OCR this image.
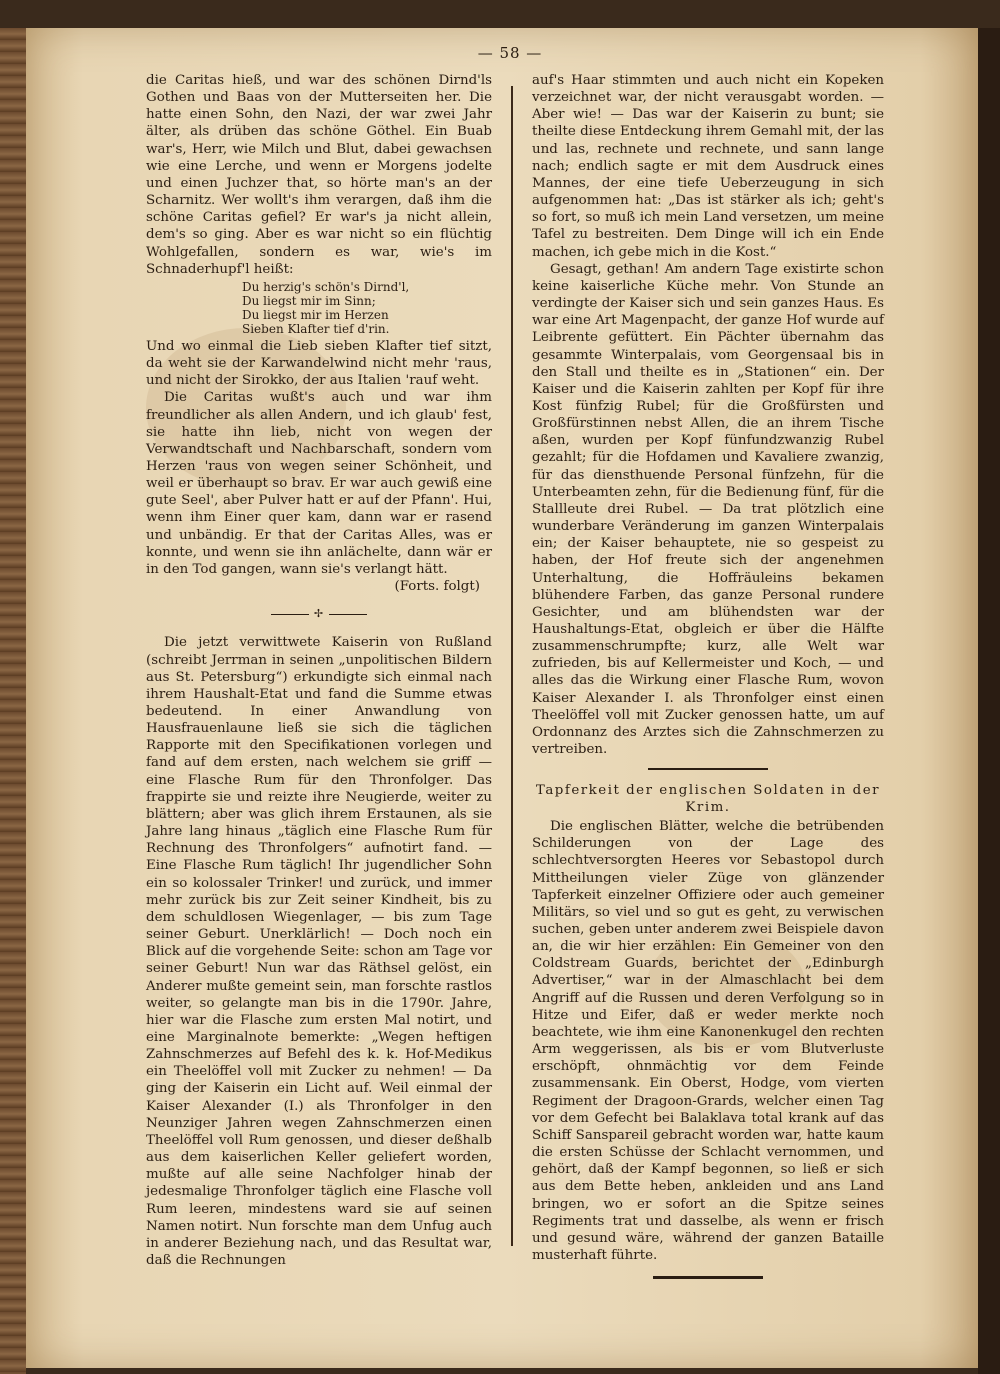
— 58 —

die Caritas hieß, und war des schönen Dirnd'ls Gothen und Baas von der Mutterseiten her. Die hatte einen Sohn, den Nazi, der war zwei Jahr älter, als drüben das schöne Göthel. Ein Buab war's, Herr, wie Milch und Blut, dabei gewachsen wie eine Lerche, und wenn er Morgens jodelte und einen Juchzer that, so hörte man's an der Scharnitz. Wer wollt's ihm verargen, daß ihm die schöne Caritas gefiel? Er war's ja nicht allein, dem's so ging. Aber es war nicht so ein flüchtig Wohlgefallen, sondern es war, wie's im Schnaderhupf'l heißt:

Du herzig's schön's Dirnd'l,
Du liegst mir im Sinn;
Du liegst mir im Herzen
Sieben Klafter tief d'rin.

Und wo einmal die Lieb sieben Klafter tief sitzt, da weht sie der Karwandelwind nicht mehr 'raus, und nicht der Sirokko, der aus Italien 'rauf weht.

Die Caritas wußt's auch und war ihm freundlicher als allen Andern, und ich glaub' fest, sie hatte ihn lieb, nicht von wegen der Verwandtschaft und Nachbarschaft, sondern vom Herzen 'raus von wegen seiner Schönheit, und weil er überhaupt so brav. Er war auch gewiß eine gute Seel', aber Pulver hatt er auf der Pfann'. Hui, wenn ihm Einer quer kam, dann war er rasend und unbändig. Er that der Caritas Alles, was er konnte, und wenn sie ihn anlächelte, dann wär er in den Tod gangen, wann sie's verlangt hätt.

(Forts. folgt)
✢

Die jetzt verwittwete Kaiserin von Rußland (schreibt Jerrman in seinen „unpolitischen Bildern aus St. Petersburg“) erkundigte sich einmal nach ihrem Haushalt-Etat und fand die Summe etwas bedeutend. In einer Anwandlung von Hausfrauenlaune ließ sie sich die täglichen Rapporte mit den Specifikationen vorlegen und fand auf dem ersten, nach welchem sie griff — eine Flasche Rum für den Thronfolger. Das frappirte sie und reizte ihre Neugierde, weiter zu blättern; aber was glich ihrem Erstaunen, als sie Jahre lang hinaus „täglich eine Flasche Rum für Rechnung des Thronfolgers“ aufnotirt fand. — Eine Flasche Rum täglich! Ihr jugendlicher Sohn ein so kolossaler Trinker! und zurück, und immer mehr zurück bis zur Zeit seiner Kindheit, bis zu dem schuldlosen Wiegenlager, — bis zum Tage seiner Geburt. Unerklärlich! — Doch noch ein Blick auf die vorgehende Seite: schon am Tage vor seiner Geburt! Nun war das Räthsel gelöst, ein Anderer mußte gemeint sein, man forschte rastlos weiter, so gelangte man bis in die 1790r. Jahre, hier war die Flasche zum ersten Mal notirt, und eine Marginalnote bemerkte: „Wegen heftigen Zahnschmerzes auf Befehl des k. k. Hof-Medikus ein Theelöffel voll mit Zucker zu nehmen! — Da ging der Kaiserin ein Licht auf. Weil einmal der Kaiser Alexander (I.) als Thronfolger in den Neunziger Jahren wegen Zahnschmerzen einen Theelöffel voll Rum genossen, und dieser deßhalb aus dem kaiserlichen Keller geliefert worden, mußte auf alle seine Nachfolger hinab der jedesmalige Thronfolger täglich eine Flasche voll Rum leeren, mindestens ward sie auf seinen Namen notirt. Nun forschte man dem Unfug auch in anderer Beziehung nach, und das Resultat war, daß die Rechnungen

auf's Haar stimmten und auch nicht ein Kopeken verzeichnet war, der nicht verausgabt worden. — Aber wie! — Das war der Kaiserin zu bunt; sie theilte diese Entdeckung ihrem Gemahl mit, der las und las, rechnete und rechnete, und sann lange nach; endlich sagte er mit dem Ausdruck eines Mannes, der eine tiefe Ueberzeugung in sich aufgenommen hat: „Das ist stärker als ich; geht's so fort, so muß ich mein Land versetzen, um meine Tafel zu bestreiten. Dem Dinge will ich ein Ende machen, ich gebe mich in die Kost.“

Gesagt, gethan! Am andern Tage existirte schon keine kaiserliche Küche mehr. Von Stunde an verdingte der Kaiser sich und sein ganzes Haus. Es war eine Art Magenpacht, der ganze Hof wurde auf Leibrente gefüttert. Ein Pächter übernahm das gesammte Winterpalais, vom Georgensaal bis in den Stall und theilte es in „Stationen“ ein. Der Kaiser und die Kaiserin zahlten per Kopf für ihre Kost fünfzig Rubel; für die Großfürsten und Großfürstinnen nebst Allen, die an ihrem Tische aßen, wurden per Kopf fünfundzwanzig Rubel gezahlt; für die Hofdamen und Kavaliere zwanzig, für das diensthuende Personal fünfzehn, für die Unterbeamten zehn, für die Bedienung fünf, für die Stallleute drei Rubel. — Da trat plötzlich eine wunderbare Veränderung im ganzen Winterpalais ein; der Kaiser behauptete, nie so gespeist zu haben, der Hof freute sich der angenehmen Unterhaltung, die Hoffräuleins bekamen blühendere Farben, das ganze Personal rundere Gesichter, und am blühendsten war der Haushaltungs-Etat, obgleich er über die Hälfte zusammenschrumpfte; kurz, alle Welt war zufrieden, bis auf Kellermeister und Koch, — und alles das die Wirkung einer Flasche Rum, wovon Kaiser Alexander I. als Thronfolger einst einen Theelöffel voll mit Zucker genossen hatte, um auf Ordonnanz des Arztes sich die Zahnschmerzen zu vertreiben.

Tapferkeit der englischen Soldaten in der Krim.

Die englischen Blätter, welche die betrübenden Schilderungen von der Lage des schlechtversorgten Heeres vor Sebastopol durch Mittheilungen vieler Züge von glänzender Tapferkeit einzelner Offiziere oder auch gemeiner Militärs, so viel und so gut es geht, zu verwischen suchen, geben unter anderem zwei Beispiele davon an, die wir hier erzählen: Ein Gemeiner von den Coldstream Guards, berichtet der „Edinburgh Advertiser,“ war in der Almaschlacht bei dem Angriff auf die Russen und deren Verfolgung so in Hitze und Eifer, daß er weder merkte noch beachtete, wie ihm eine Kanonenkugel den rechten Arm weggerissen, als bis er vom Blutverluste erschöpft, ohnmächtig vor dem Feinde zusammensank. Ein Oberst, Hodge, vom vierten Regiment der Dragoon-Grards, welcher einen Tag vor dem Gefecht bei Balaklava total krank auf das Schiff Sanspareil gebracht worden war, hatte kaum die ersten Schüsse der Schlacht vernommen, und gehört, daß der Kampf begonnen, so ließ er sich aus dem Bette heben, ankleiden und ans Land bringen, wo er sofort an die Spitze seines Regiments trat und dasselbe, als wenn er frisch und gesund wäre, während der ganzen Bataille musterhaft führte.
